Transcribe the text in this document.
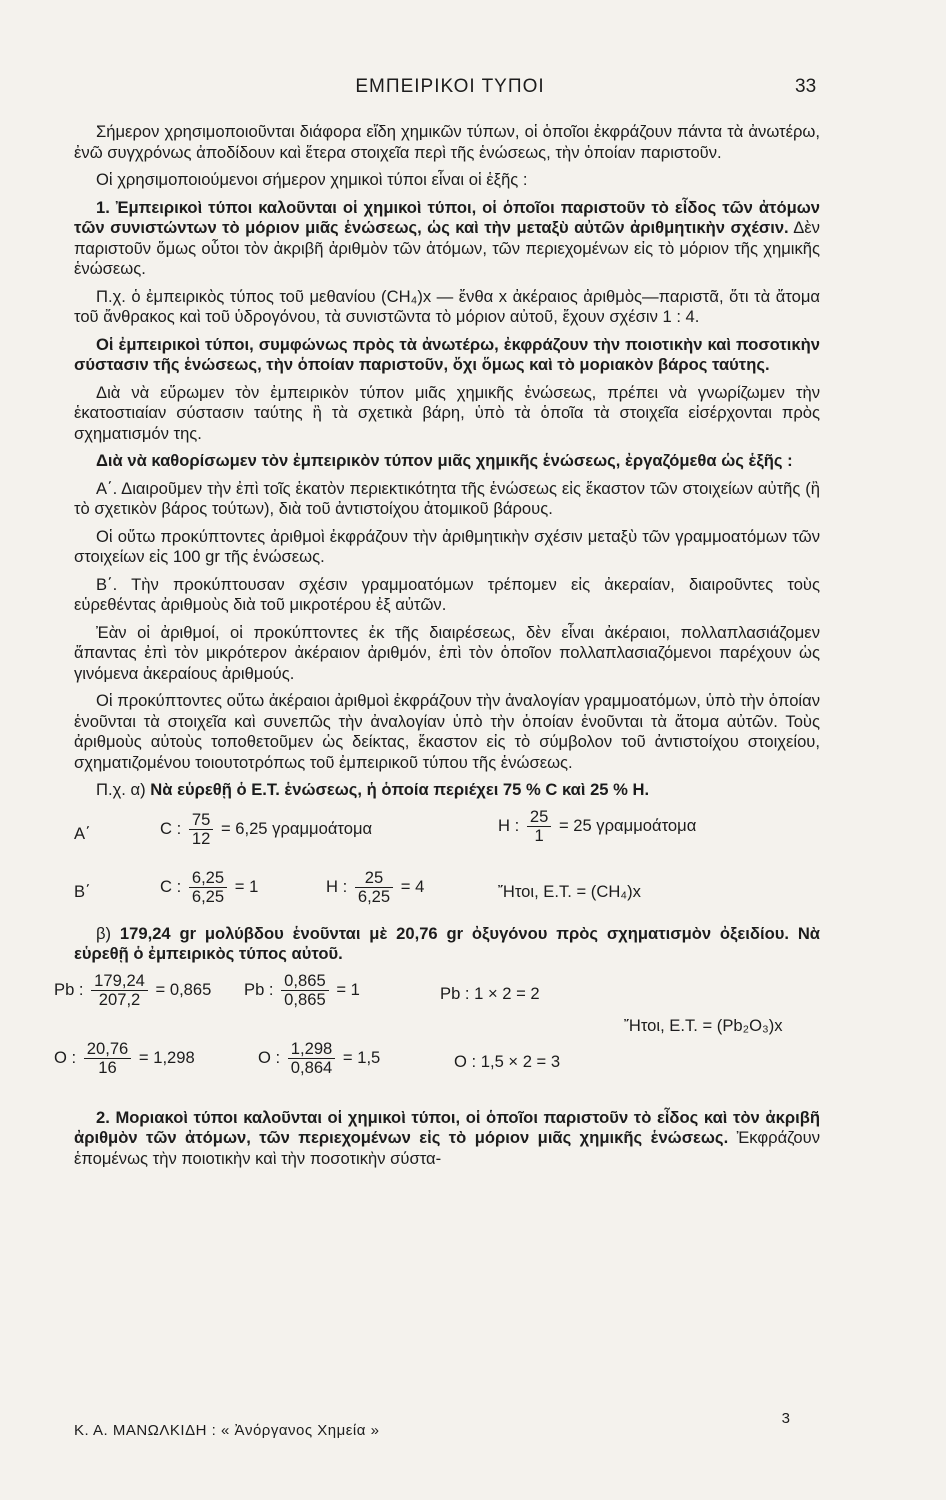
ΕΜΠΕΙΡΙΚΟΙ ΤΥΠΟΙ	33

Σήμερον χρησιμοποιοῦνται διάφορα εἴδη χημικῶν τύπων, οἱ ὁποῖοι ἐκφράζουν πάντα τὰ ἀνωτέρω, ἐνῶ συγχρόνως ἀποδίδουν καὶ ἕτερα στοιχεῖα περὶ τῆς ἑνώσεως, τὴν ὁποίαν παριστοῦν.

Οἱ χρησιμοποιούμενοι σήμερον χημικοὶ τύποι εἶναι οἱ ἑξῆς :

1. Ἐμπειρικοὶ τύποι καλοῦνται οἱ χημικοὶ τύποι, οἱ ὁποῖοι παριστοῦν τὸ εἶδος τῶν ἀτόμων τῶν συνιστώντων τὸ μόριον μιᾶς ἑνώσεως, ὡς καὶ τὴν μεταξὺ αὐτῶν ἀριθμητικὴν σχέσιν. Δὲν παριστοῦν ὅμως οὗτοι τὸν ἀκριβῆ ἀριθμὸν τῶν ἀτόμων, τῶν περιεχομένων εἰς τὸ μόριον τῆς χημικῆς ἑνώσεως.

Π.χ. ὁ ἐμπειρικὸς τύπος τοῦ μεθανίου (CH₄)x — ἔνθα x ἀκέραιος ἀριθμὸς—παριστᾶ, ὅτι τὰ ἄτομα τοῦ ἄνθρακος καὶ τοῦ ὑδρογόνου, τὰ συνιστῶντα τὸ μόριον αὐτοῦ, ἔχουν σχέσιν 1 : 4.

Οἱ ἐμπειρικοὶ τύποι, συμφώνως πρὸς τὰ ἀνωτέρω, ἐκφράζουν τὴν ποιοτικὴν καὶ ποσοτικὴν σύστασιν τῆς ἑνώσεως, τὴν ὁποίαν παριστοῦν, ὄχι ὅμως καὶ τὸ μοριακὸν βάρος ταύτης.

Διὰ νὰ εὕρωμεν τὸν ἐμπειρικὸν τύπον μιᾶς χημικῆς ἑνώσεως, πρέπει νὰ γνωρίζωμεν τὴν ἑκατοστιαίαν σύστασιν ταύτης ἢ τὰ σχετικὰ βάρη, ὑπὸ τὰ ὁποῖα τὰ στοιχεῖα εἰσέρχονται πρὸς σχηματισμόν της.

Διὰ νὰ καθορίσωμεν τὸν ἐμπειρικὸν τύπον μιᾶς χημικῆς ἑνώσεως, ἐργαζόμεθα ὡς ἑξῆς :

Α΄. Διαιροῦμεν τὴν ἐπὶ τοῖς ἑκατὸν περιεκτικότητα τῆς ἑνώσεως εἰς ἕκαστον τῶν στοιχείων αὐτῆς (ἢ τὸ σχετικὸν βάρος τούτων), διὰ τοῦ ἀντιστοίχου ἀτομικοῦ βάρους.

Οἱ οὕτω προκύπτοντες ἀριθμοὶ ἐκφράζουν τὴν ἀριθμητικὴν σχέσιν μεταξὺ τῶν γραμμοατόμων τῶν στοιχείων εἰς 100 gr τῆς ἑνώσεως.

Β΄. Τὴν προκύπτουσαν σχέσιν γραμμοατόμων τρέπομεν εἰς ἀκεραίαν, διαιροῦντες τοὺς εὑρεθέντας ἀριθμοὺς διὰ τοῦ μικροτέρου ἐξ αὐτῶν.

Ἐὰν οἱ ἀριθμοί, οἱ προκύπτοντες ἐκ τῆς διαιρέσεως, δὲν εἶναι ἀκέραιοι, πολλαπλασιάζομεν ἅπαντας ἐπὶ τὸν μικρότερον ἀκέραιον ἀριθμόν, ἐπὶ τὸν ὁποῖον πολλαπλασιαζόμενοι παρέχουν ὡς γινόμενα ἀκεραίους ἀριθμούς.

Οἱ προκύπτοντες οὕτω ἀκέραιοι ἀριθμοὶ ἐκφράζουν τὴν ἀναλογίαν γραμμοατόμων, ὑπὸ τὴν ὁποίαν ἑνοῦνται τὰ στοιχεῖα καὶ συνεπῶς τὴν ἀναλογίαν ὑπὸ τὴν ὁποίαν ἑνοῦνται τὰ ἄτομα αὐτῶν. Τοὺς ἀριθμοὺς αὐτοὺς τοποθετοῦμεν ὡς δείκτας, ἕκαστον εἰς τὸ σύμβολον τοῦ ἀντιστοίχου στοιχείου, σχηματιζομένου τοιουτοτρόπως τοῦ ἐμπειρικοῦ τύπου τῆς ἑνώσεως.

Π.χ. α) Νὰ εὑρεθῇ ὁ Ε.Τ. ἑνώσεως, ἡ ὁποία περιέχει 75 % C καὶ 25 % H.

Α΄	C : $\frac{75}{12} = 6,25$ γραμμοάτομα	H : $\frac{25}{1} = 25$ γραμμοάτομα
Β΄	C : $\frac{6,25}{6,25} = 1$	H : $\frac{25}{6,25} = 4$	Ἤτοι, Ε.Τ. = (CH₄)x

β) 179,24 gr μολύβδου ἑνοῦνται μὲ 20,76 gr ὀξυγόνου πρὸς σχηματισμὸν ὀξειδίου. Νὰ εὑρεθῇ ὁ ἐμπειρικὸς τύπος αὐτοῦ.

Pb : $\frac{179,24}{207,2} = 0,865$ Pb : $\frac{0,865}{0,865} = 1$	Pb : 1 × 2 = 2
Ἤτοι, Ε.Τ. = (Pb₂O₃)x
O : $\frac{20,76}{16} = 1,298$	O : $\frac{1,298}{0,864} = 1,5$	O : 1,5 × 2 = 3

2. Μοριακοὶ τύποι καλοῦνται οἱ χημικοὶ τύποι, οἱ ὁποῖοι παριστοῦν τὸ εἶδος καὶ τὸν ἀκριβῆ ἀριθμὸν τῶν ἀτόμων, τῶν περιεχομένων εἰς τὸ μόριον μιᾶς χημικῆς ἑνώσεως. Ἐκφράζουν ἑπομένως τὴν ποιοτικὴν καὶ τὴν ποσοτικὴν σύστα-

Κ. Α. ΜΑΝΩΛΚΙΔΗ : « Ἀνόργανος Χημεία »
3
